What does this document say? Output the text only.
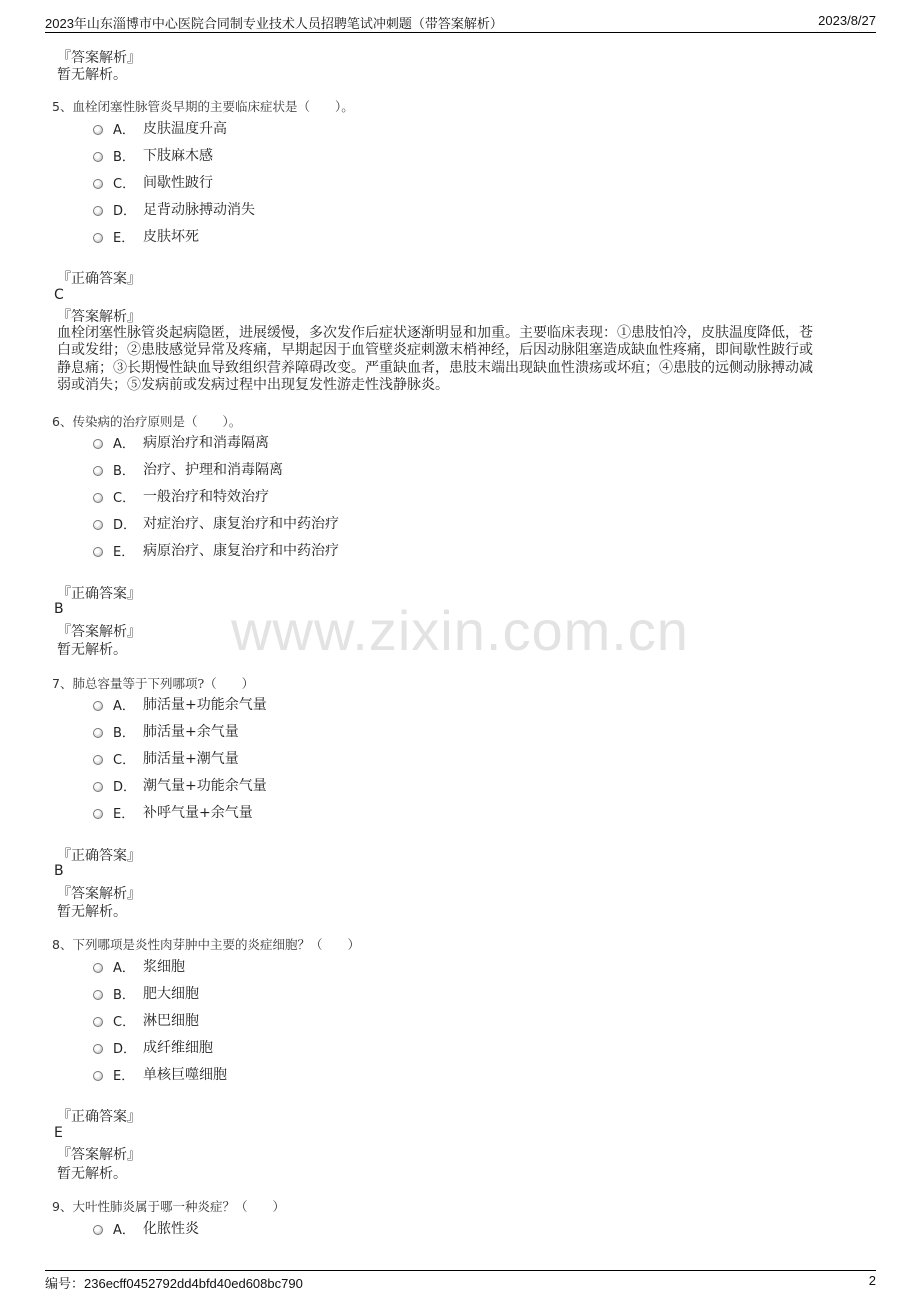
2023年山东淄博市中心医院合同制专业技术人员招聘笔试冲刺题（带答案解析）	2023/8/27
www.zixin.com.cn
『答案解析』
暂无解析。
5、血栓闭塞性脉管炎早期的主要临床症状是（　　）。
A． 皮肤温度升高
B． 下肢麻木感
C． 间歇性跛行
D． 足背动脉搏动消失
E． 皮肤坏死
『正确答案』
C
『答案解析』
血栓闭塞性脉管炎起病隐匿，进展缓慢，多次发作后症状逐渐明显和加重。主要临床表现：①患肢怕冷，皮肤温度降低，苍
白或发绀；②患肢感觉异常及疼痛，早期起因于血管壁炎症刺激末梢神经，后因动脉阻塞造成缺血性疼痛，即间歇性跛行或
静息痛；③长期慢性缺血导致组织营养障碍改变。严重缺血者，患肢末端出现缺血性溃疡或坏疽；④患肢的远侧动脉搏动减
弱或消失；⑤发病前或发病过程中出现复发性游走性浅静脉炎。
6、传染病的治疗原则是（　　）。
A． 病原治疗和消毒隔离
B． 治疗、护理和消毒隔离
C． 一般治疗和特效治疗
D． 对症治疗、康复治疗和中药治疗
E． 病原治疗、康复治疗和中药治疗
『正确答案』
B
『答案解析』
暂无解析。
7、肺总容量等于下列哪项?（　　）
A． 肺活量+功能余气量
B． 肺活量+余气量
C． 肺活量+潮气量
D． 潮气量+功能余气量
E． 补呼气量+余气量
『正确答案』
B
『答案解析』
暂无解析。
8、下列哪项是炎性肉芽肿中主要的炎症细胞？（　　）
A． 浆细胞
B． 肥大细胞
C． 淋巴细胞
D． 成纤维细胞
E． 单核巨噬细胞
『正确答案』
E
『答案解析』
暂无解析。
9、大叶性肺炎属于哪一种炎症？（　　）
A． 化脓性炎
编号：236ecff0452792dd4bfd40ed608bc790	2
